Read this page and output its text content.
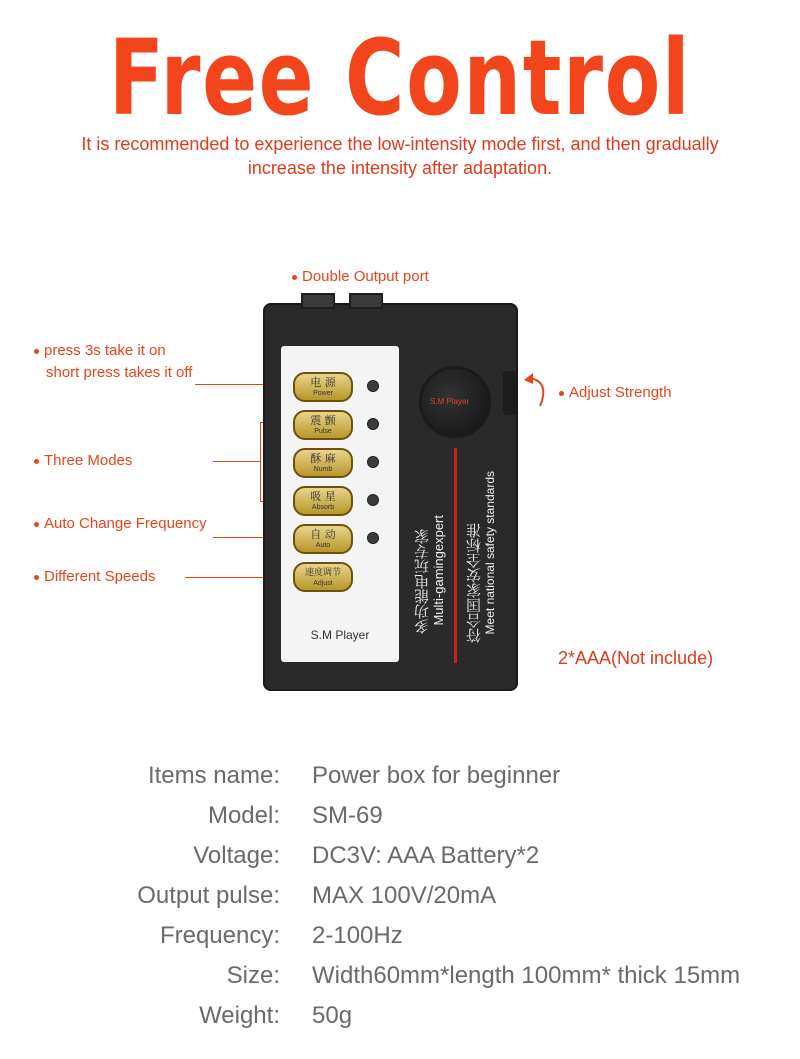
Free Control
It is recommended to experience the low-intensity mode first, and then gradually
increase the intensity after adaptation.
Double Output port
press 3s take it on
short press takes it off
Three Modes
Auto Change Frequency
Different Speeds
Adjust Strength
电 源
Power
震 颤
Pulse
酥 麻
Numb
吸 星
Absorb
自 动
Auto
速度调节
Adjust
S.M Player
S.M Player
多功能电玩专家 Multi-gamingexpert 符合国家安全标准 Meet national safety standards
2*AAA(Not include)
Items name: Power box for beginner
Model: SM-69
Voltage: DC3V: AAA Battery*2
Output pulse: MAX 100V/20mA
Frequency: 2-100Hz
Size: Width60mm*length 100mm* thick 15mm
Weight: 50g
